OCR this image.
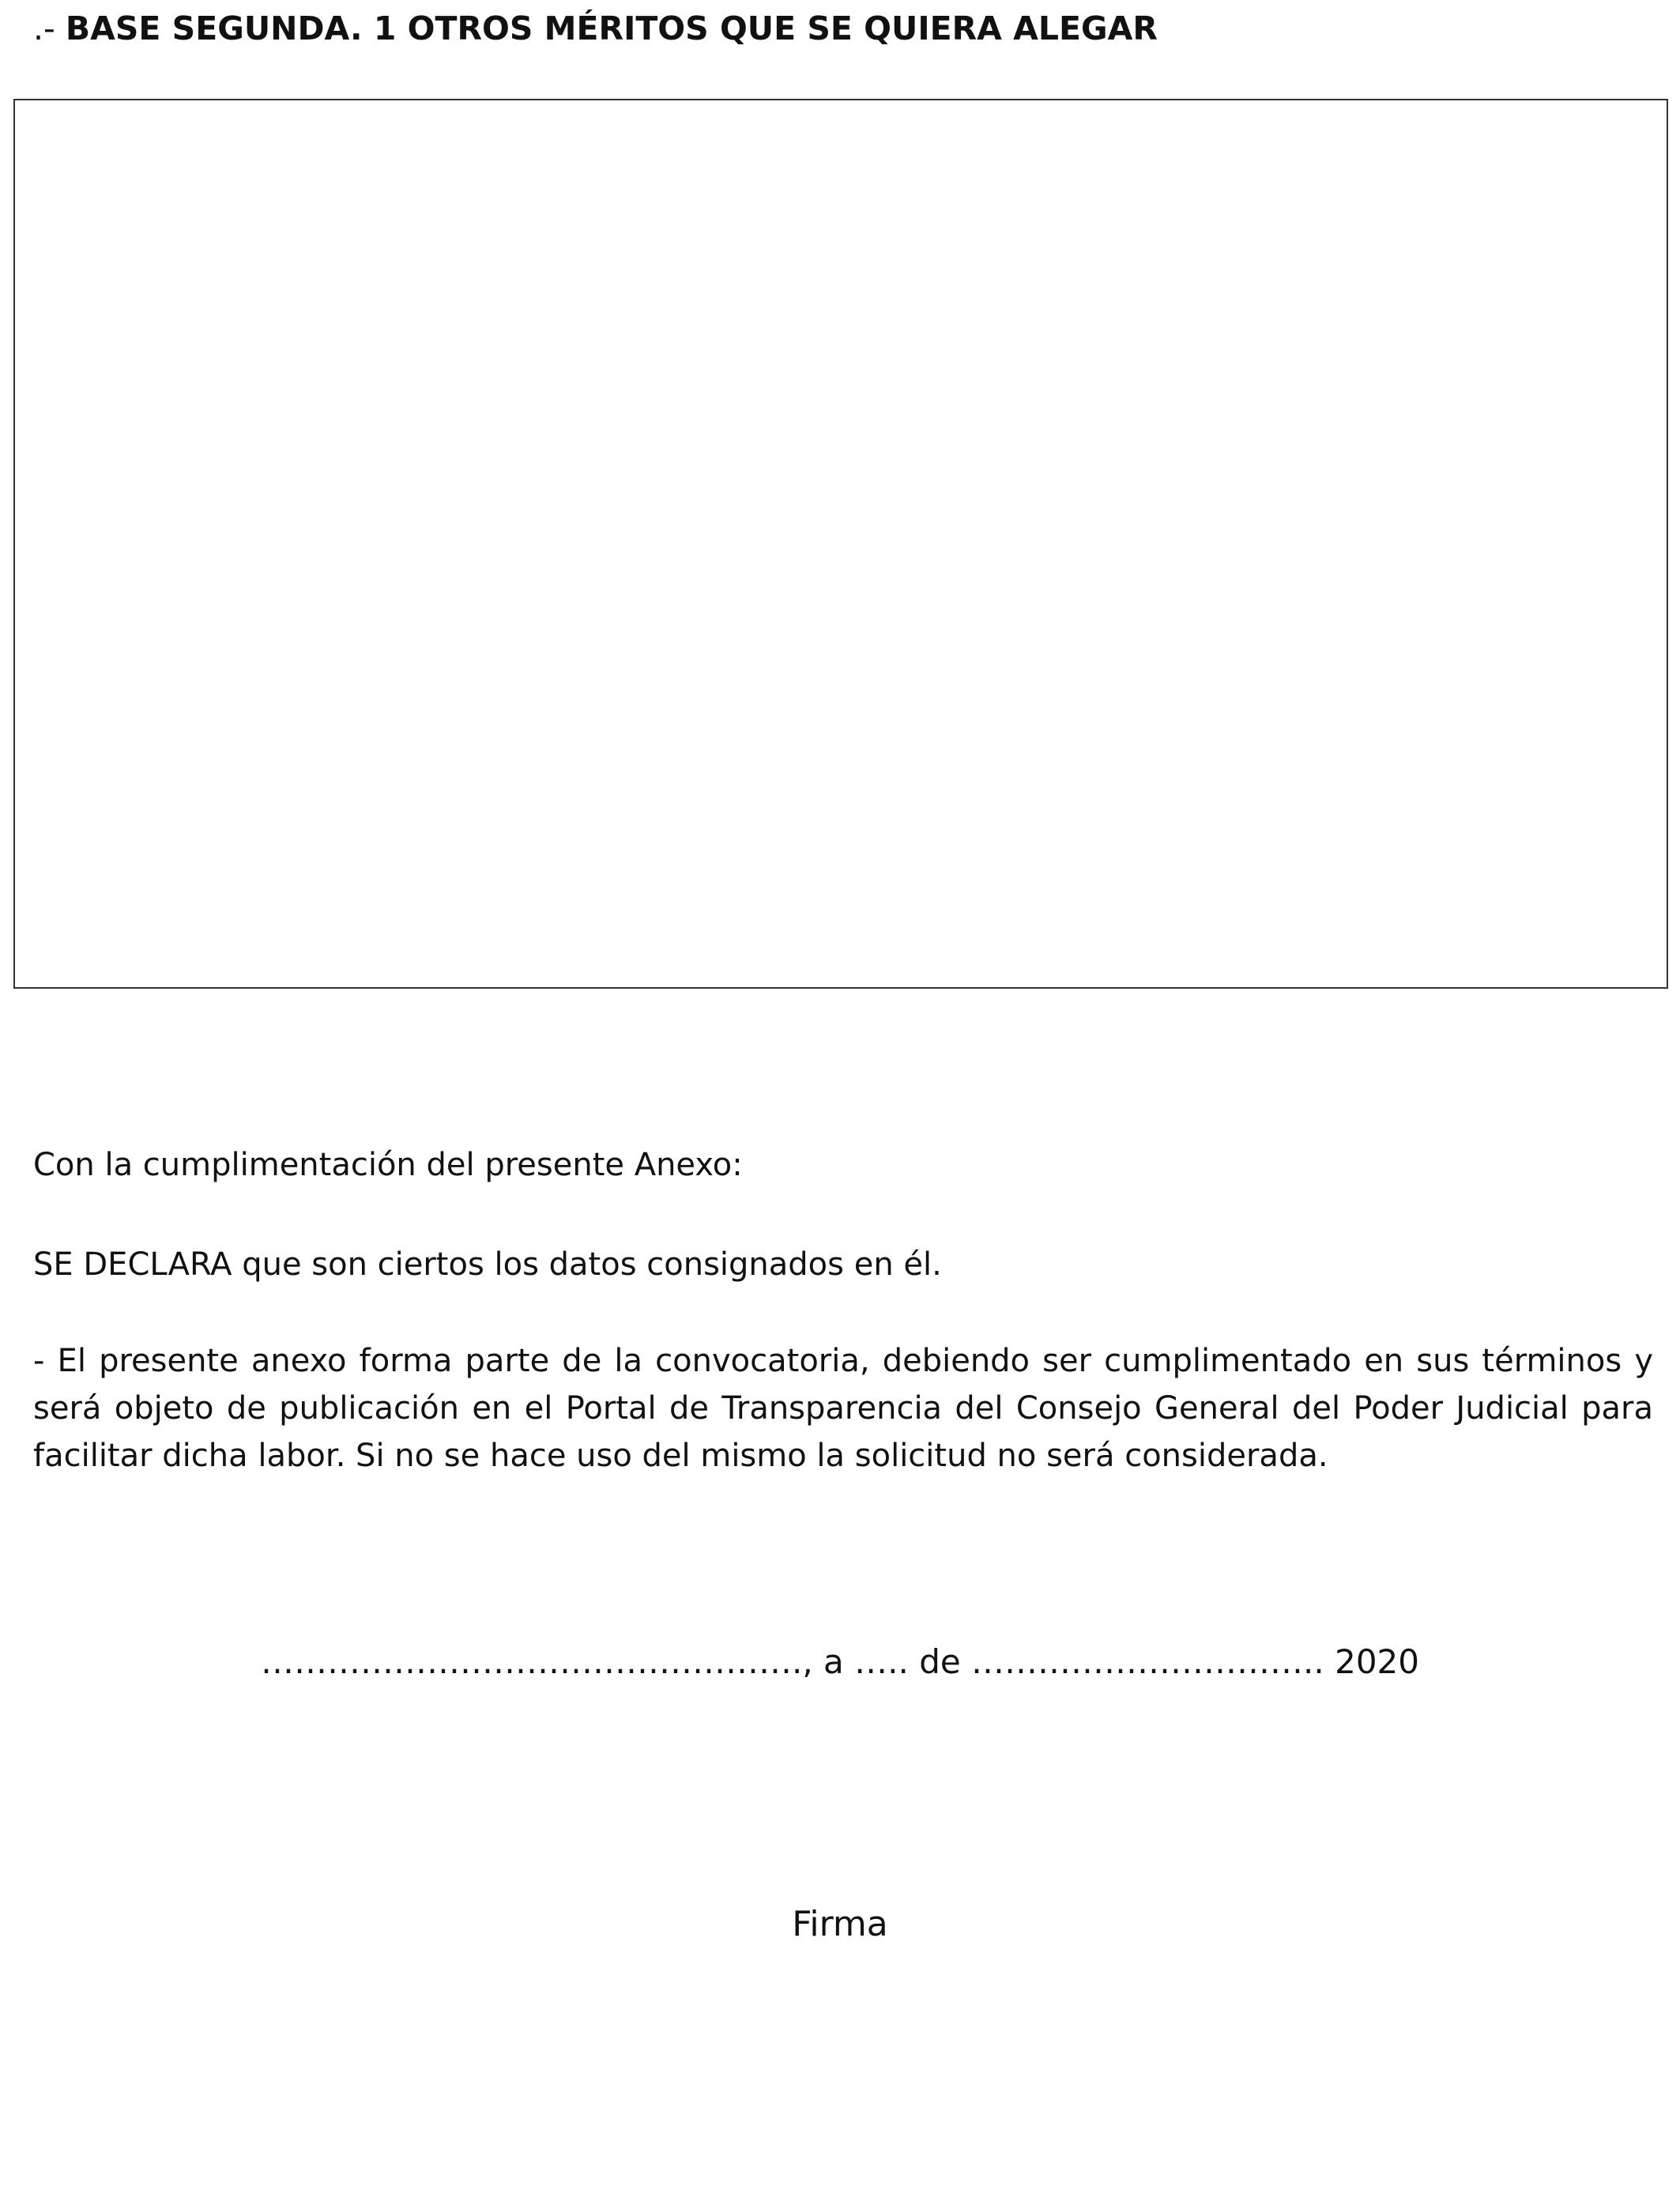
.- BASE SEGUNDA. 1 OTROS MÉRITOS QUE SE QUIERA ALEGAR
Con la cumplimentación del presente Anexo:
SE DECLARA que son ciertos los datos consignados en él.
- El presente anexo forma parte de la convocatoria, debiendo ser cumplimentado en sus términos y será objeto de publicación en el Portal de Transparencia del Consejo General del Poder Judicial para facilitar dicha labor. Si no se hace uso del mismo la solicitud no será considerada.
…………………………………………., a ….. de ………………………….. 2020
Firma
